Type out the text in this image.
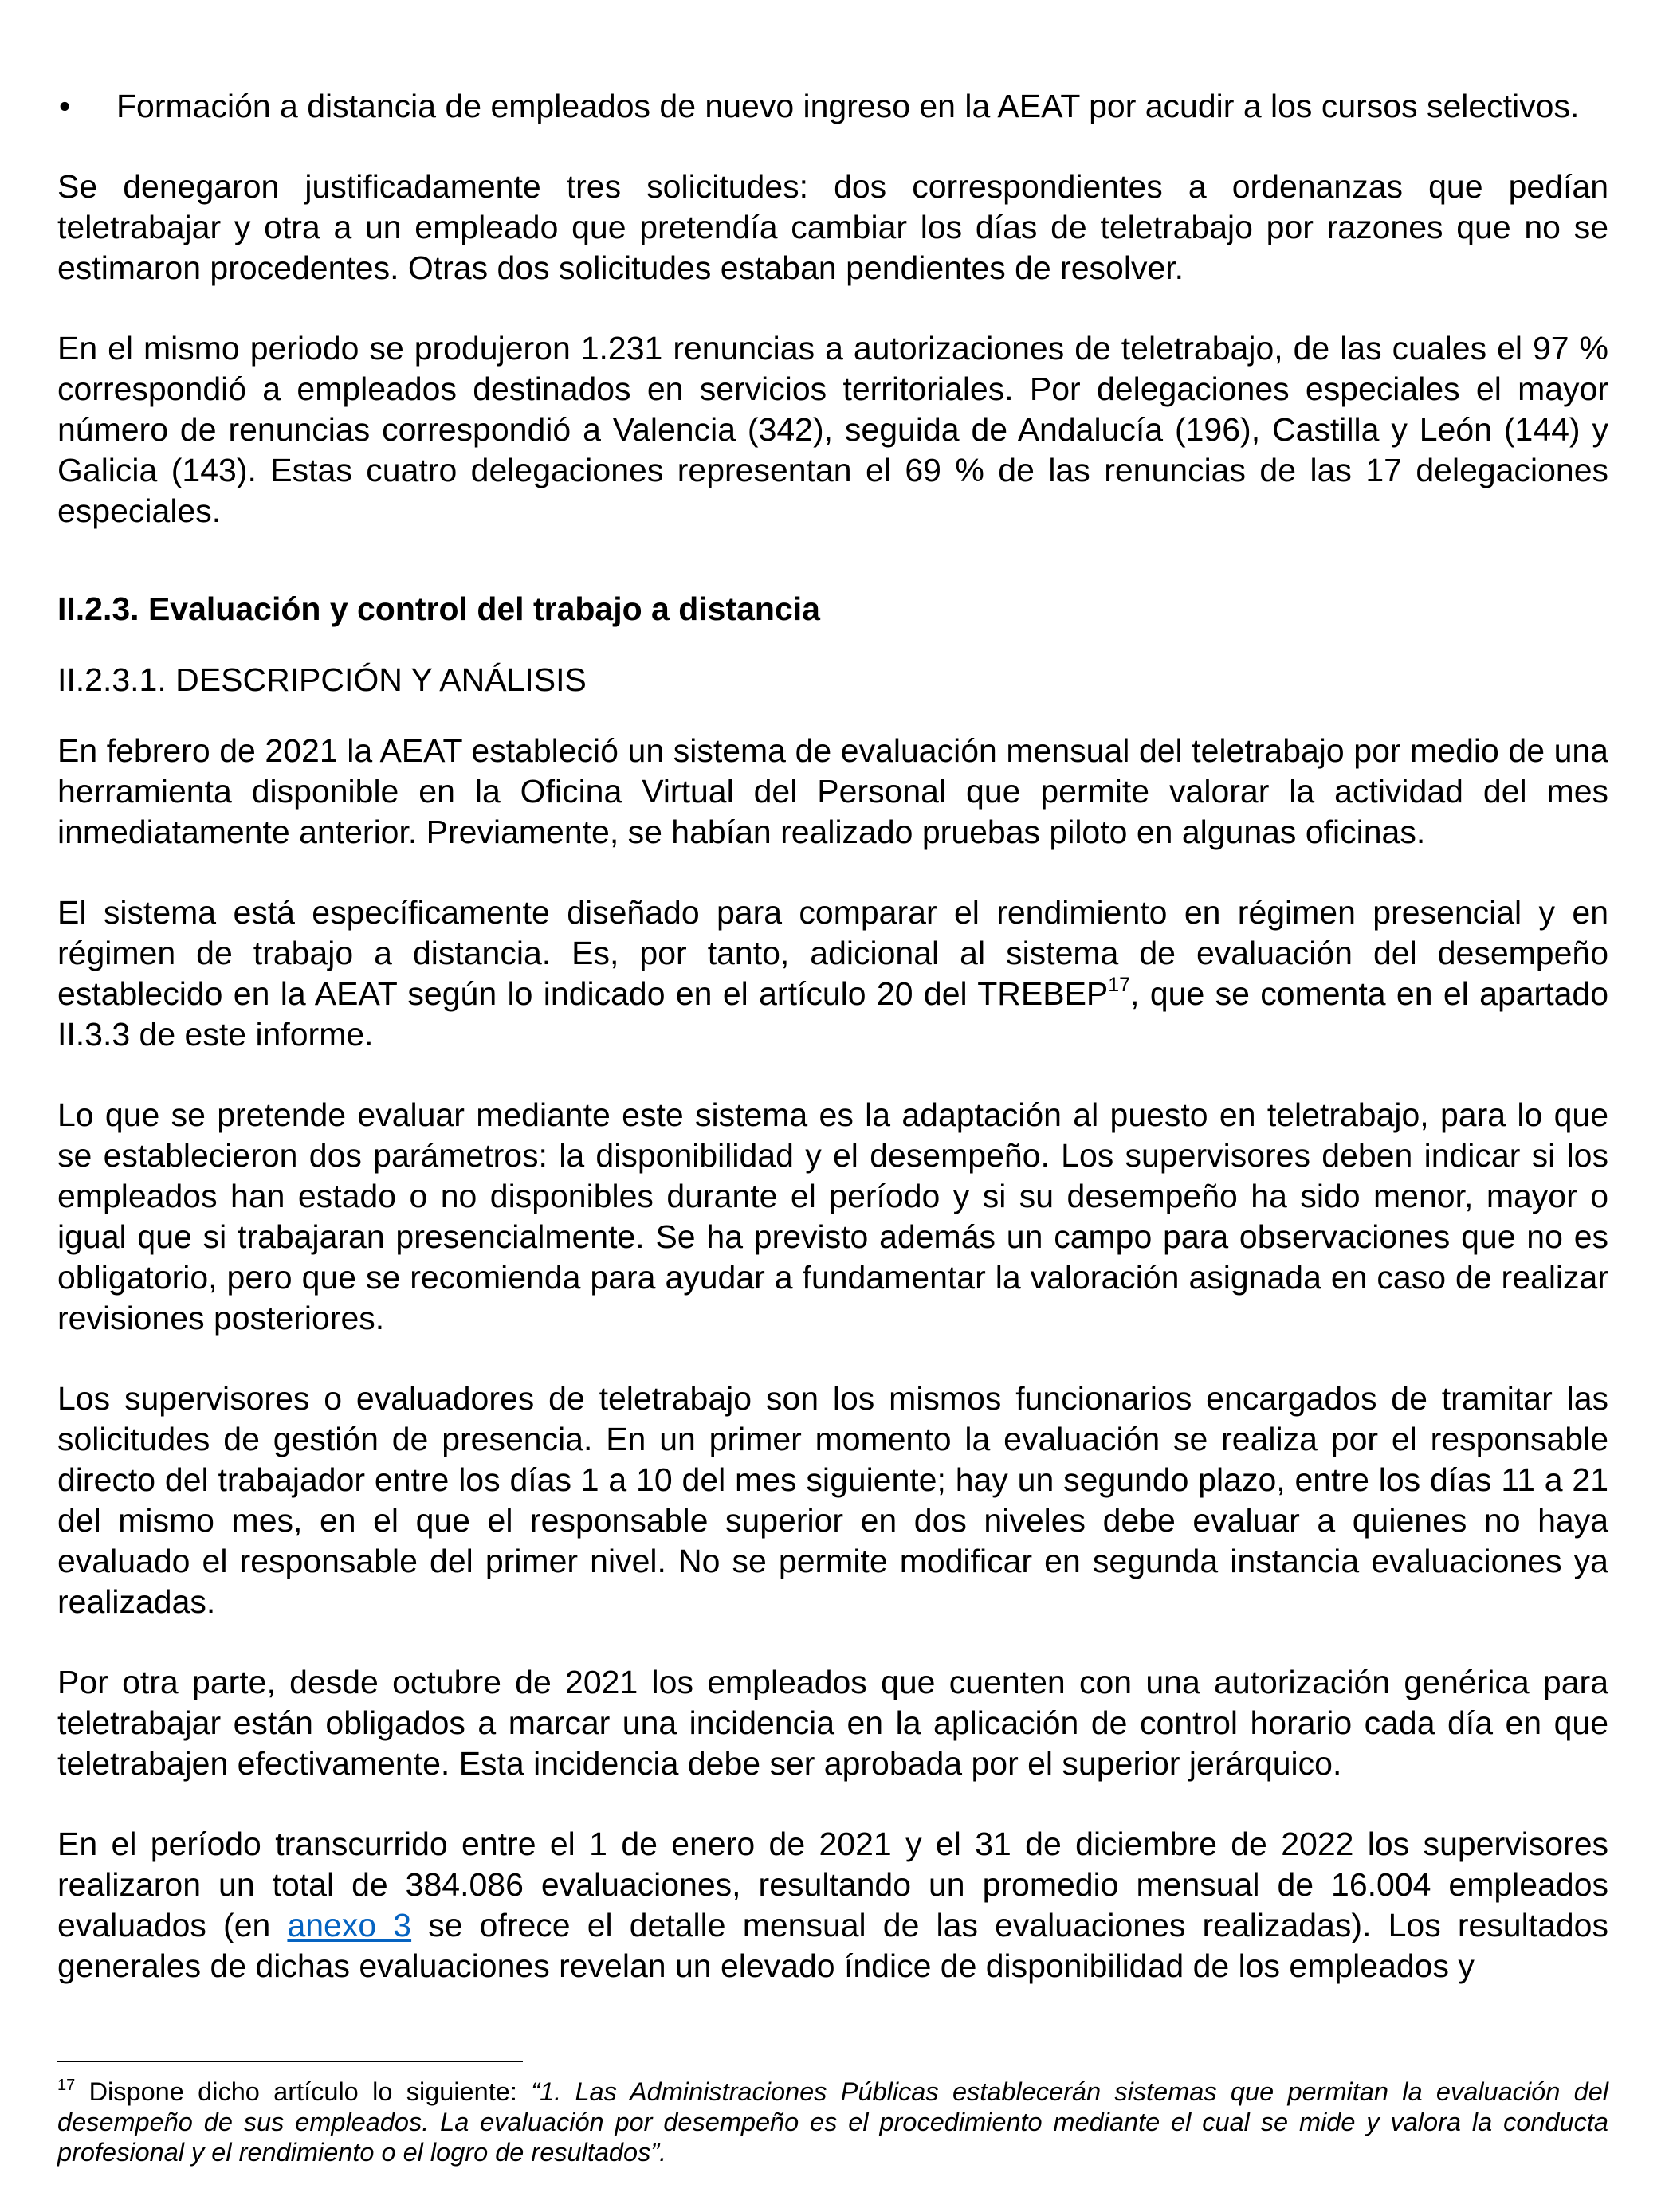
•	Formación a distancia de empleados de nuevo ingreso en la AEAT por acudir a los cursos selectivos.

Se denegaron justificadamente tres solicitudes: dos correspondientes a ordenanzas que pedían teletrabajar y otra a un empleado que pretendía cambiar los días de teletrabajo por razones que no se estimaron procedentes. Otras dos solicitudes estaban pendientes de resolver.

En el mismo periodo se produjeron 1.231 renuncias a autorizaciones de teletrabajo, de las cuales el 97 % correspondió a empleados destinados en servicios territoriales. Por delegaciones especiales el mayor número de renuncias correspondió a Valencia (342), seguida de Andalucía (196), Castilla y León (144) y Galicia (143). Estas cuatro delegaciones representan el 69 % de las renuncias de las 17 delegaciones especiales.

II.2.3. Evaluación y control del trabajo a distancia
II.2.3.1. DESCRIPCIÓN Y ANÁLISIS

En febrero de 2021 la AEAT estableció un sistema de evaluación mensual del teletrabajo por medio de una herramienta disponible en la Oficina Virtual del Personal que permite valorar la actividad del mes inmediatamente anterior. Previamente, se habían realizado pruebas piloto en algunas oficinas.

El sistema está específicamente diseñado para comparar el rendimiento en régimen presencial y en régimen de trabajo a distancia. Es, por tanto, adicional al sistema de evaluación del desempeño establecido en la AEAT según lo indicado en el artículo 20 del TREBEP$^{17}$, que se comenta en el apartado II.3.3 de este informe.

Lo que se pretende evaluar mediante este sistema es la adaptación al puesto en teletrabajo, para lo que se establecieron dos parámetros: la disponibilidad y el desempeño. Los supervisores deben indicar si los empleados han estado o no disponibles durante el período y si su desempeño ha sido menor, mayor o igual que si trabajaran presencialmente. Se ha previsto además un campo para observaciones que no es obligatorio, pero que se recomienda para ayudar a fundamentar la valoración asignada en caso de realizar revisiones posteriores.

Los supervisores o evaluadores de teletrabajo son los mismos funcionarios encargados de tramitar las solicitudes de gestión de presencia. En un primer momento la evaluación se realiza por el responsable directo del trabajador entre los días 1 a 10 del mes siguiente; hay un segundo plazo, entre los días 11 a 21 del mismo mes, en el que el responsable superior en dos niveles debe evaluar a quienes no haya evaluado el responsable del primer nivel. No se permite modificar en segunda instancia evaluaciones ya realizadas.

Por otra parte, desde octubre de 2021 los empleados que cuenten con una autorización genérica para teletrabajar están obligados a marcar una incidencia en la aplicación de control horario cada día en que teletrabajen efectivamente. Esta incidencia debe ser aprobada por el superior jerárquico.

En el período transcurrido entre el 1 de enero de 2021 y el 31 de diciembre de 2022 los supervisores realizaron un total de 384.086 evaluaciones, resultando un promedio mensual de 16.004 empleados evaluados (en anexo 3 se ofrece el detalle mensual de las evaluaciones realizadas). Los resultados generales de dichas evaluaciones revelan un elevado índice de disponibilidad de los empleados y

$^{17}$ Dispone dicho artículo lo siguiente: “1. Las Administraciones Públicas establecerán sistemas que permitan la evaluación del desempeño de sus empleados. La evaluación por desempeño es el procedimiento mediante el cual se mide y valora la conducta profesional y el rendimiento o el logro de resultados”.
